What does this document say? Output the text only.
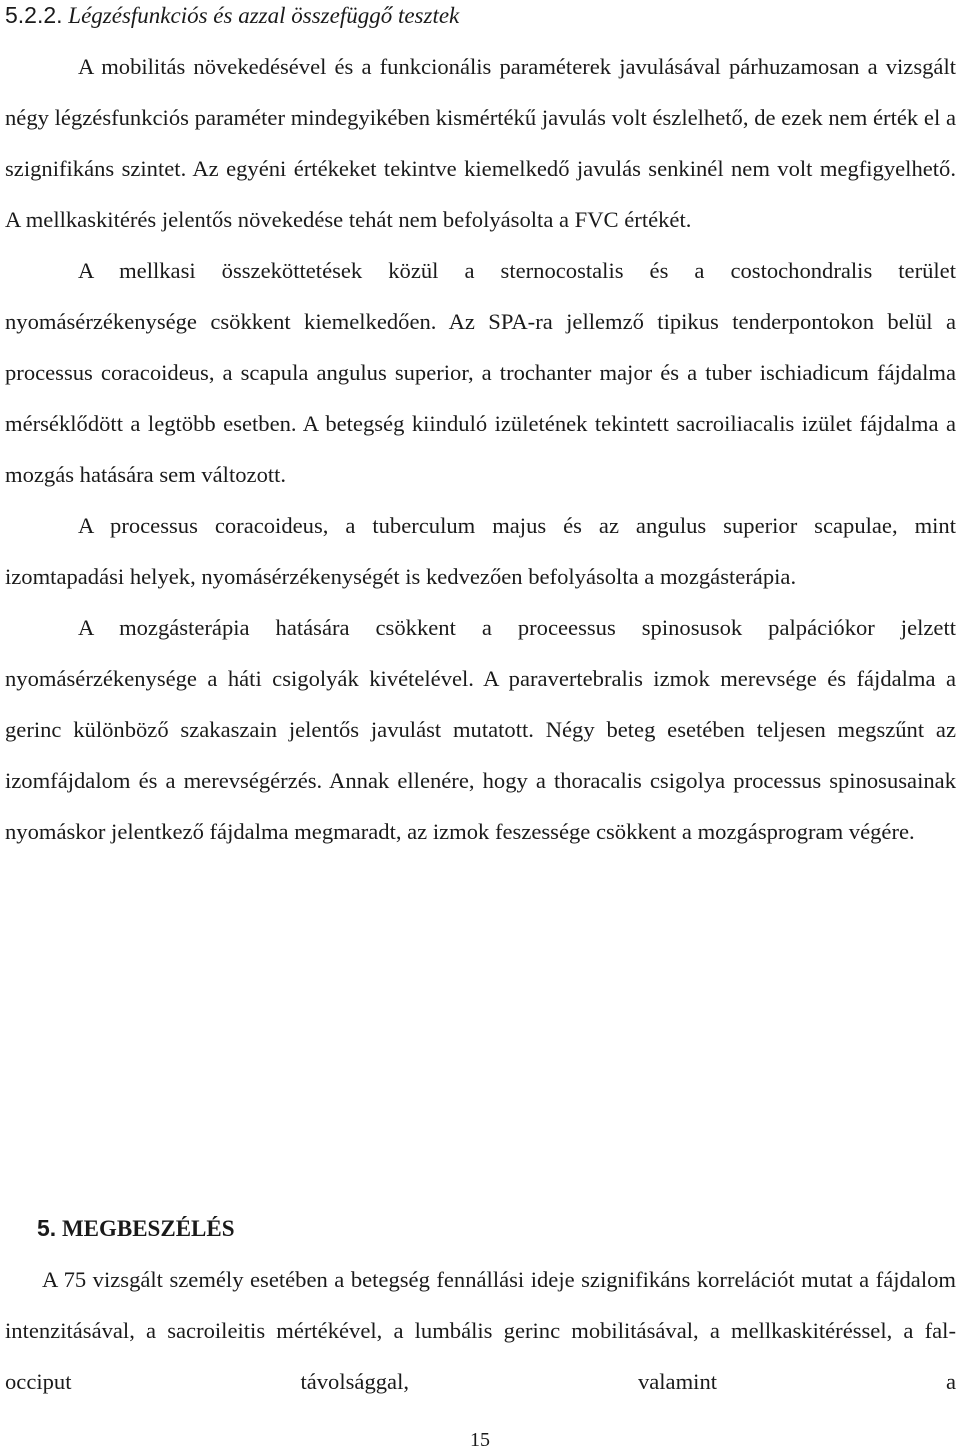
5.2.2. Légzésfunkciós és azzal összefüggő tesztek

A mobilitás növekedésével és a funkcionális paraméterek javulásával párhuzamosan a vizsgált négy légzésfunkciós paraméter mindegyikében kismértékű javulás volt észlelhető, de ezek nem érték el a szignifikáns szintet. Az egyéni értékeket tekintve kiemelkedő javulás senkinél nem volt megfigyelhető. A mellkaskitérés jelentős növekedése tehát nem befolyásolta a FVC értékét.

A mellkasi összeköttetések közül a sternocostalis és a costochondralis terület nyomásérzékenysége csökkent kiemelkedően. Az SPA-ra jellemző tipikus tenderpontokon belül a processus coracoideus, a scapula angulus superior, a trochanter major és a tuber ischiadicum fájdalma mérséklődött a legtöbb esetben. A betegség kiinduló izületének tekintett sacroiliacalis izület fájdalma a mozgás hatására sem változott.

A processus coracoideus, a tuberculum majus és az angulus superior scapulae, mint izomtapadási helyek, nyomásérzékenységét is kedvezően befolyásolta a mozgásterápia.

A mozgásterápia hatására csökkent a proceessus spinosusok palpációkor jelzett nyomásérzékenysége a háti csigolyák kivételével. A paravertebralis izmok merevsége és fájdalma a gerinc különböző szakaszain jelentős javulást mutatott. Négy beteg esetében teljesen megszűnt az izomfájdalom és a merevségérzés. Annak ellenére, hogy a thoracalis csigolya processus spinosusainak nyomáskor jelentkező fájdalma megmaradt, az izmok feszessége csökkent a mozgásprogram végére.

5. MEGBESZÉLÉS

A 75 vizsgált személy esetében a betegség fennállási ideje szignifikáns korrelációt mutat a fájdalom intenzitásával, a sacroileitis mértékével, a lumbális gerinc mobilitásával, a mellkaskitéréssel, a fal-occiput távolsággal, valamint a

15
